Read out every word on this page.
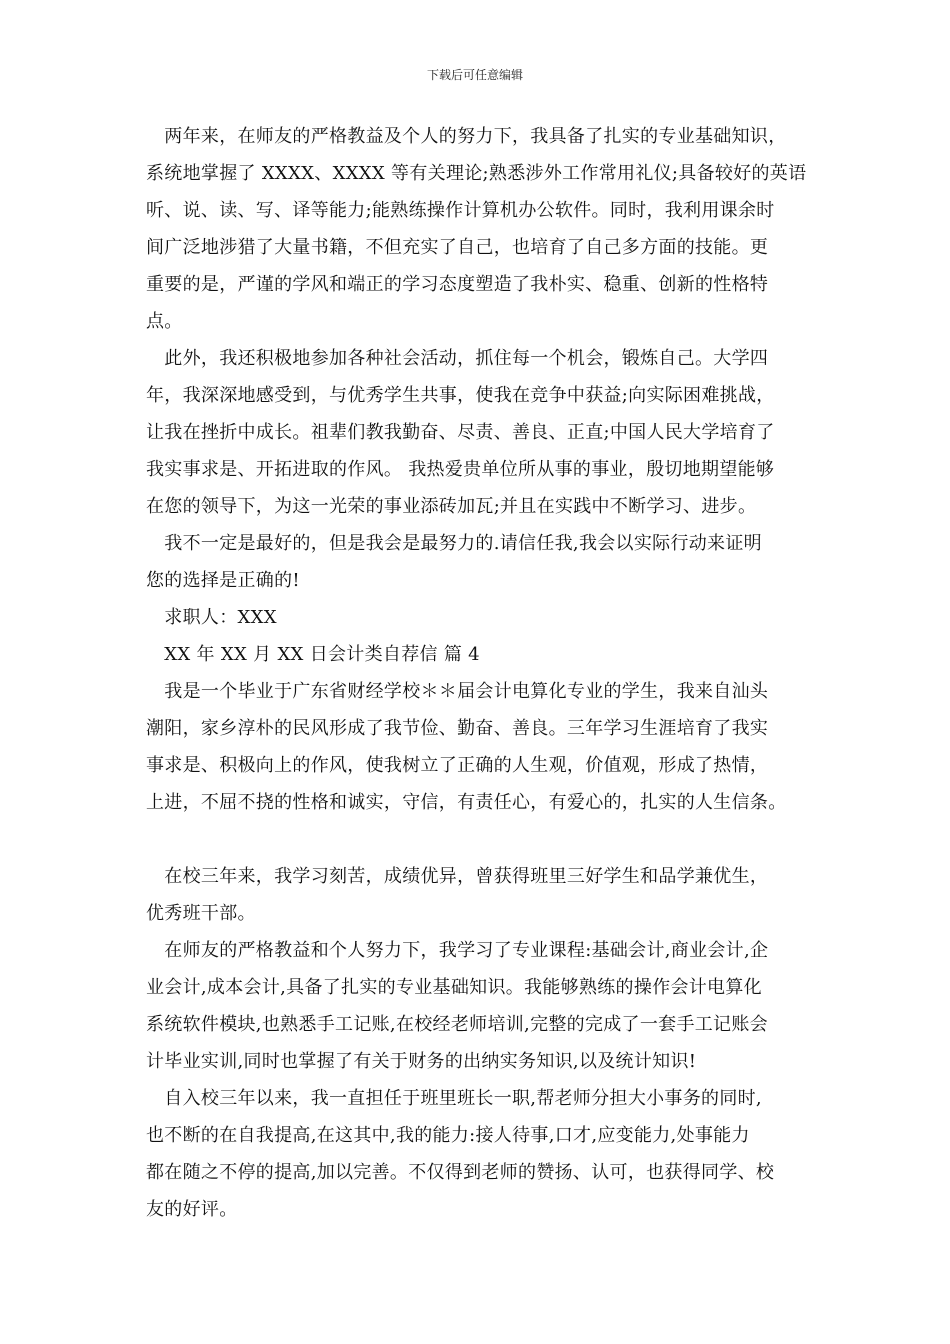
下载后可任意编辑
　两年来，在师友的严格教益及个人的努力下，我具备了扎实的专业基础知识，
系统地掌握了 XXXX、XXXX 等有关理论;熟悉涉外工作常用礼仪;具备较好的英语
听、说、读、写、译等能力;能熟练操作计算机办公软件。同时，我利用课余时
间广泛地涉猎了大量书籍，不但充实了自己，也培育了自己多方面的技能。更
重要的是，严谨的学风和端正的学习态度塑造了我朴实、稳重、创新的性格特
点。
　此外，我还积极地参加各种社会活动，抓住每一个机会，锻炼自己。大学四
年，我深深地感受到，与优秀学生共事，使我在竞争中获益;向实际困难挑战，
让我在挫折中成长。祖辈们教我勤奋、尽责、善良、正直;中国人民大学培育了
我实事求是、开拓进取的作风。 我热爱贵单位所从事的事业，殷切地期望能够
在您的领导下，为这一光荣的事业添砖加瓦;并且在实践中不断学习、进步。
　我不一定是最好的，但是我会是最努力的.请信任我,我会以实际行动来证明
您的选择是正确的!
　求职人：XXX
　XX 年 XX 月 XX 日会计类自荐信 篇 4
　我是一个毕业于广东省财经学校＊＊届会计电算化专业的学生，我来自汕头
潮阳，家乡淳朴的民风形成了我节俭、勤奋、善良。三年学习生涯培育了我实
事求是、积极向上的作风，使我树立了正确的人生观，价值观，形成了热情，
上进，不屈不挠的性格和诚实，守信，有责任心，有爱心的，扎实的人生信条。
　在校三年来，我学习刻苦，成绩优异，曾获得班里三好学生和品学兼优生，
优秀班干部。
　在师友的严格教益和个人努力下，我学习了专业课程:基础会计,商业会计,企
业会计,成本会计,具备了扎实的专业基础知识。我能够熟练的操作会计电算化
系统软件模块,也熟悉手工记账,在校经老师培训,完整的完成了一套手工记账会
计毕业实训,同时也掌握了有关于财务的出纳实务知识,以及统计知识!
　自入校三年以来，我一直担任于班里班长一职,帮老师分担大小事务的同时,
也不断的在自我提高,在这其中,我的能力:接人待事,口才,应变能力,处事能力
都在随之不停的提高,加以完善。不仅得到老师的赞扬、认可，也获得同学、校
友的好评。
